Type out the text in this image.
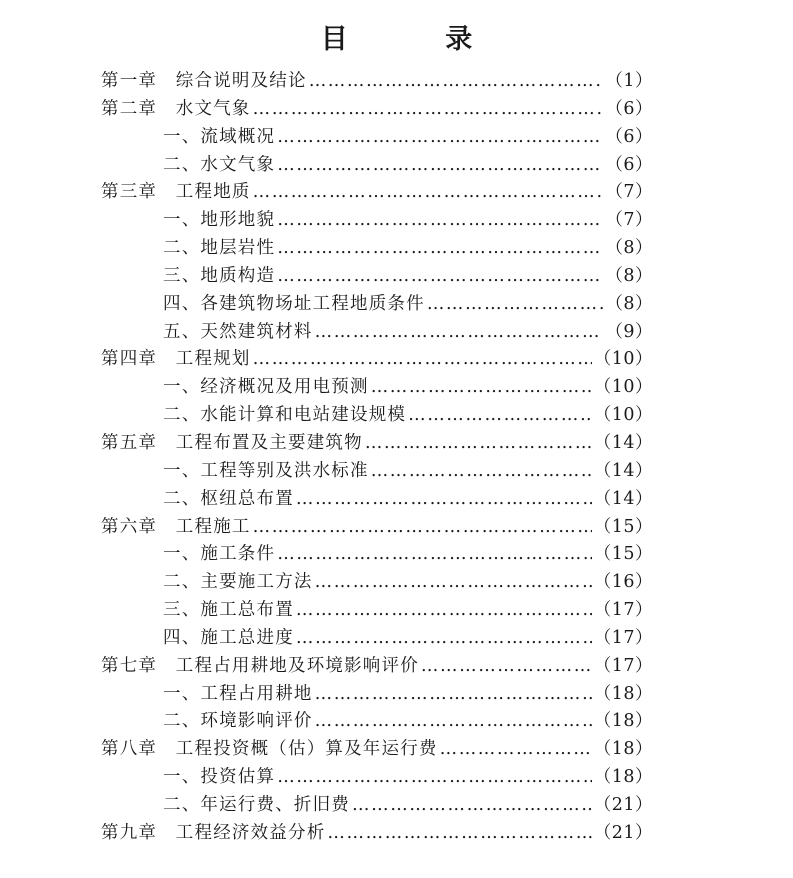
目 录
第一章　综合说明及结论 ………………………………………………………………………………………………………………………………………………………………	（1）
第二章　水文气象 ………………………………………………………………………………………………………………………………………………………………	（6）
一、流域概况 ………………………………………………………………………………………………………………………………………………………………	（6）
二、水文气象 ………………………………………………………………………………………………………………………………………………………………	（6）
第三章　工程地质 ………………………………………………………………………………………………………………………………………………………………	（7）
一、地形地貌 ………………………………………………………………………………………………………………………………………………………………	（7）
二、地层岩性 ………………………………………………………………………………………………………………………………………………………………	（8）
三、地质构造 ………………………………………………………………………………………………………………………………………………………………	（8）
四、各建筑物场址工程地质条件 ………………………………………………………………………………………………………………………………………………………………	（8）
五、天然建筑材料 ………………………………………………………………………………………………………………………………………………………………	（9）
第四章　工程规划 ………………………………………………………………………………………………………………………………………………………………	（10）
一、经济概况及用电预测 ………………………………………………………………………………………………………………………………………………………………	（10）
二、水能计算和电站建设规模 ………………………………………………………………………………………………………………………………………………………………	（10）
第五章　工程布置及主要建筑物 ………………………………………………………………………………………………………………………………………………………………	（14）
一、工程等别及洪水标准 ………………………………………………………………………………………………………………………………………………………………	（14）
二、枢纽总布置 ………………………………………………………………………………………………………………………………………………………………	（14）
第六章　工程施工 ………………………………………………………………………………………………………………………………………………………………	（15）
一、施工条件 ………………………………………………………………………………………………………………………………………………………………	（15）
二、主要施工方法 ………………………………………………………………………………………………………………………………………………………………	（16）
三、施工总布置 ………………………………………………………………………………………………………………………………………………………………	（17）
四、施工总进度 ………………………………………………………………………………………………………………………………………………………………	（17）
第七章　工程占用耕地及环境影响评价 ………………………………………………………………………………………………………………………………………………………………	（17）
一、工程占用耕地 ………………………………………………………………………………………………………………………………………………………………	（18）
二、环境影响评价 ………………………………………………………………………………………………………………………………………………………………	（18）
第八章　工程投资概（估）算及年运行费 ………………………………………………………………………………………………………………………………………………………………	（18）
一、投资估算 ………………………………………………………………………………………………………………………………………………………………	（18）
二、年运行费、折旧费 ………………………………………………………………………………………………………………………………………………………………	（21）
第九章　工程经济效益分析 ………………………………………………………………………………………………………………………………………………………………	（21）
